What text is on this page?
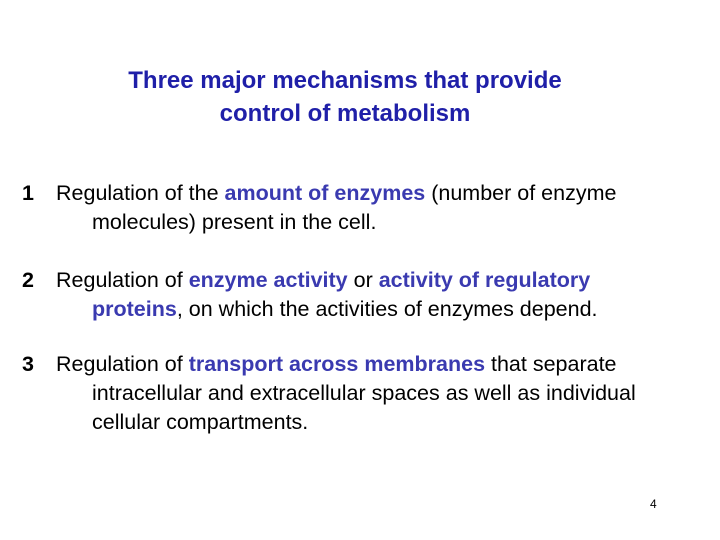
Three major mechanisms that provide
control of metabolism
1 Regulation of the amount of enzymes (number of enzyme
molecules) present in the cell.
2 Regulation of enzyme activity or activity of regulatory
proteins, on which the activities of enzymes depend.
3 Regulation of transport across membranes that separate
intracellular and extracellular spaces as well as individual
cellular compartments.
4
